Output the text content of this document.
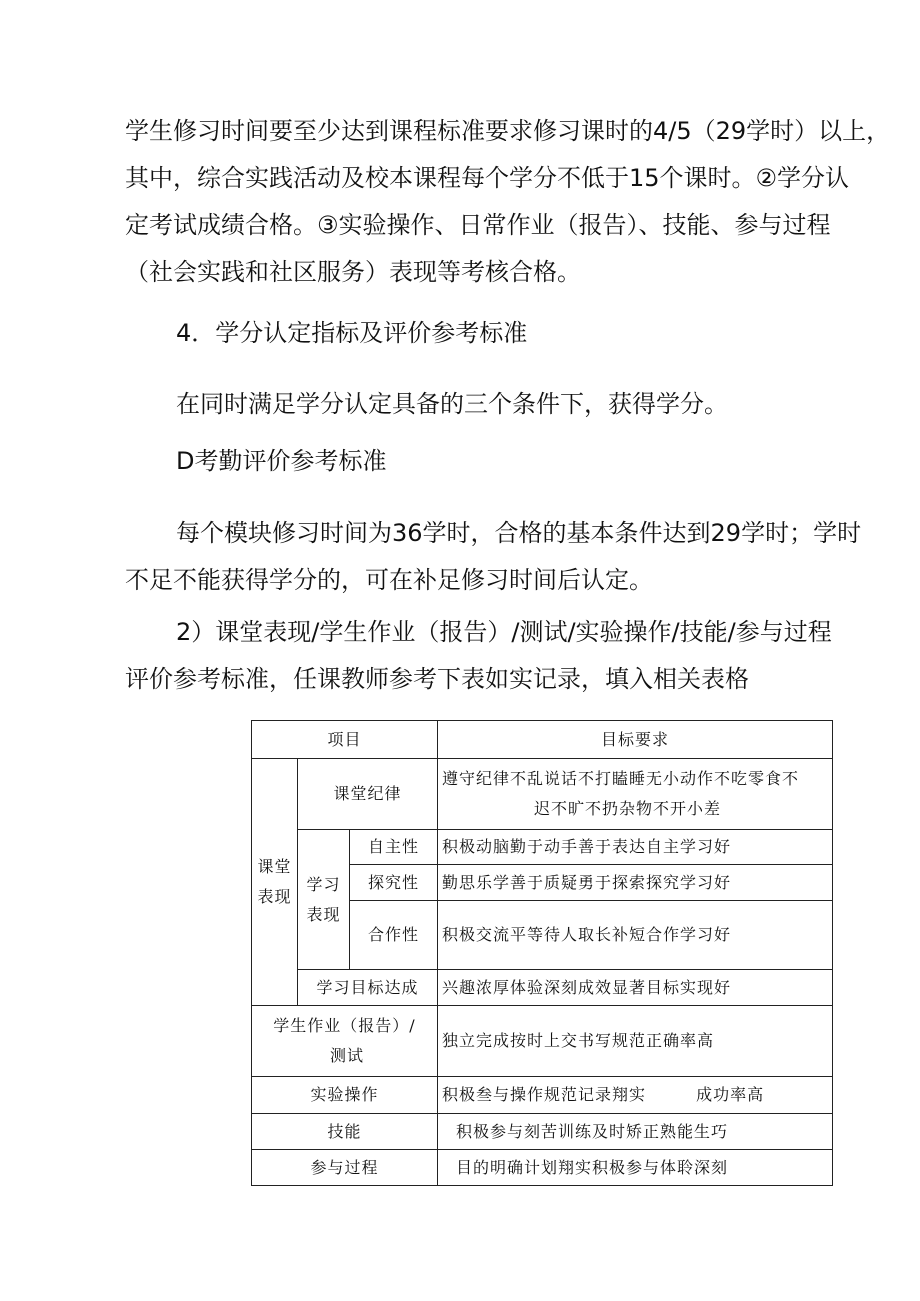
学生修习时间要至少达到课程标准要求修习课时的4/5（29学时）以上，
其中，综合实践活动及校本课程每个学分不低于15个课时。②学分认
定考试成绩合格。③实验操作、日常作业（报告）、技能、参与过程
（社会实践和社区服务）表现等考核合格。
4．学分认定指标及评价参考标准
在同时满足学分认定具备的三个条件下，获得学分。
D考勤评价参考标准
每个模块修习时间为36学时，合格的基本条件达到29学时；学时
不足不能获得学分的，可在补足修习时间后认定。
2）课堂表现/学生作业（报告）/测试/实验操作/技能/参与过程
评价参考标准，任课教师参考下表如实记录，填入相关表格
项目			目标要求

课堂
表现	课堂纪律		遵守纪律不乱说话不打瞌睡无小动作不吃零食不
迟不旷不扔杂物不开小差

	学习
表现	自主性	积极动脑勤于动手善于表达自主学习好
		探究性	勤思乐学善于质疑勇于探索探究学习好
		合作性	积极交流平等待人取长补短合作学习好
	学习目标达成		兴趣浓厚体验深刻成效显著目标实现好

学生作业（报告）/
测试			独立完成按时上交书写规范正确率高
实验操作			积极叁与操作规范记录翔实 成功率高
技能			积极参与刻苦训练及时矫正熟能生巧
参与过程			目的明确计划翔实积极参与体聆深刻
